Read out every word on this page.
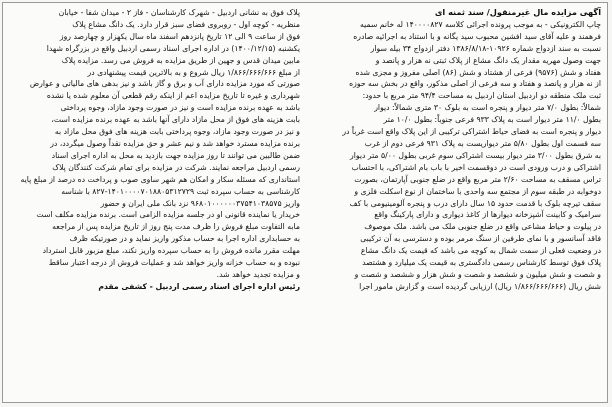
آگهی مزایده مال غیرمنقول/ سند ثمنه ای
چاپ الکترونیکی - به موجب پرونده اجرائی کلاسه ۱۴۰۰۰۰۸۲۷ له خانم سمیه
فرهمند و علیه آقای سید افشین محبوب سید یگانه و با استناد به اجرائیه صادره
نسبت به سند ازدواج شماره ۱۰۹۲۶-۱۳۸۶/۸/۱۸ دفتر ازدواج ۳۴ بیله سوار
جهت وصول مهریه مقدار یک دانگ مشاع از پلاک ثبتی نه هزار و پانصد و
هفتاد و شش (۹۵۷۶) فرعی از هشتاد و شش (۸۶) اصلی مفروز و مجزی شده
از نه هزار و پانصد و هفتاد و سه فرعی از اصلی مذکور، واقع در بخش سه حوزه
ثبت ملک منطقه دو اردبیل استان اردبیل به مساحت ۹۴/۴ متر مربع با حدود:
شمالاً: بطول ۷/۰ متر دیوار و پنجره است به بلوک ۳۰ متری شمالاً: دیوار
بطول ۱۱/۰ متر دیوار است به پلاک ۹۳۳ فرعی جنوباً: بطول ۱۰/۰ متر
دیوار و پنجره است به فضای حیاط اشتراکی ترکیبی از این پلاک واقع است غرباً در
سه قسمت اول بطول ۵/۸۰ متر دیواریست به پلاک ۹۳۱ فرعی دوم از غرب
به شرق بطول ۳/۰۰ متر دیوار بیست اشتراکی سوم غربی بطول ۵/۰۰ متر دیوار
اشتراکی و درب ورودی است در دوقسمت اخیر با باب بام اشتراکی، با احتساب
تراس مسقف به مساحت ۲/۶۰ متر مربع واقع در ضلع جنوبی آپارتمان، بصورت
دوخوابه در طبقه سوم از مجتمع سه واحدی با ساختمان از نوع اسکلت فلزی و
سقف تیرچه بلوک با قدمت حدود ۱۵ سال دارای درب و پنجره آلومینیومی با کف
سرامیک و کابینت آشپزخانه دیوارها از کاغذ دیواری و دارای پارکینگ واقع
در پیلوت و حیاط مشاعی واقع در ضلع جنوبی ملک می باشد. ملک موصوف
فاقد آسانسور و با نمای طرفین از سنگ مرمر بوده و دسترسی به آن ترکیبی
در وضعیت فعلی از سمت شمال به کوچه می باشد که قیمت یک دانگ مشاع
پلاک فوق توسط کارشناس رسمی دادگستری به قیمت یک میلیارد و هشتصد
و شصت و شش میلیون و ششصد و شصت و شش هزار و ششصد و شصت و
شش ریال (۱/۸۶۶/۶۶۶/۶۶۶ ریال) ارزیابی گردیده است و گزارش مامور اجرا
پلاک فوق به نشانی اردبیل - شهرک کارشناسان - فاز ۲ - میدان شفا - خیابان
منظریه - کوچه اول - روبروی فضای سبز قرار دارد. یک دانگ مشاع پلاک
فوق از ساعت ۹ الی ۱۲ تاریخ پانزدهم اسفند ماه سال یکهزار و چهارصد روز
یکشنبه (۱۴۰۰/۱۲/۱۵) در اداره اجرای اسناد رسمی اردبیل واقع در بزرگراه شهدا
مابین میدان قدس و جهین از طریق مزایده به فروش می رسد. مزایده پلاک
از مبلغ ۱/۸۶۶/۶۶۶/۶۶۶ ریال شروع و به بالاترین قیمت پیشنهادی در
صورتی که مورد مزایده دارای آب و برق و گاز باشد و نیز بدهی های مالیاتی و عوارض
شهرداری و غیره تا تاریخ مزایده اعم از اینکه رقم قطعی آن معلوم شده یا نشده
باشد به عهده برنده مزایده است و نیز در صورت وجود مازاد، وجوه پرداختی
بابت هزینه های فوق از محل مازاد دارای آنها باشد به عهده برنده مزایده است،
و نیز در صورت وجود مازاد، وجوه پرداختی بابت هزینه های فوق محل مازاد به
برنده مزایده مسترد خواهد شد و نیم عشر و حق مزایده نقداً وصول میگردد، در
ضمن طالبین می توانند تا روز مزایده جهت بازدید به محل به اداره اجرای اسناد
رسمی اردبیل مراجعه نمایند. شرکت در مزایده برای تمام شرکت کنندگان پلاک
استانداری که مسئله سکار و امکان هم شهر ساوی صوب و پرداخت ده درصد از مبلغ پایه
کارشناسی به حساب سپرده ثبت ۱۴۰۱۰۰۰۰۷۰۱۸۸۰۵۳۱۲۷۲۹-۸۲۷ با شناسه
واریز ۹۶۸۰۱۰۰۰۰۰۰۳۷۵۴۱۰۳۸۵۷۵ نزد بانک ملی ایران و حضور
خریدار یا نماینده قانونی او در جلسه مزایده الزامی است. برنده مزایده مکلف است
مابه التفاوت مبلغ فروش را ظرف مدت پنج روز از تاریخ مزایده پس از مراجعه
به حسابداری اداره اجرا به حساب مذکور واریز نماید و در صورتیکه ظرف
مهلت مقرر مانده فروش را به حساب سپرده واریز نکند، مبلغ مزبور قابل استرداد
نبوده و به حساب خزانه واریز خواهد شد و عملیات فروش از درجه اعتبار ساقط
و مزایده تجدید خواهد شد.
رئیس اداره اجرای اسناد رسمی اردبیل - کشفی مقدم
